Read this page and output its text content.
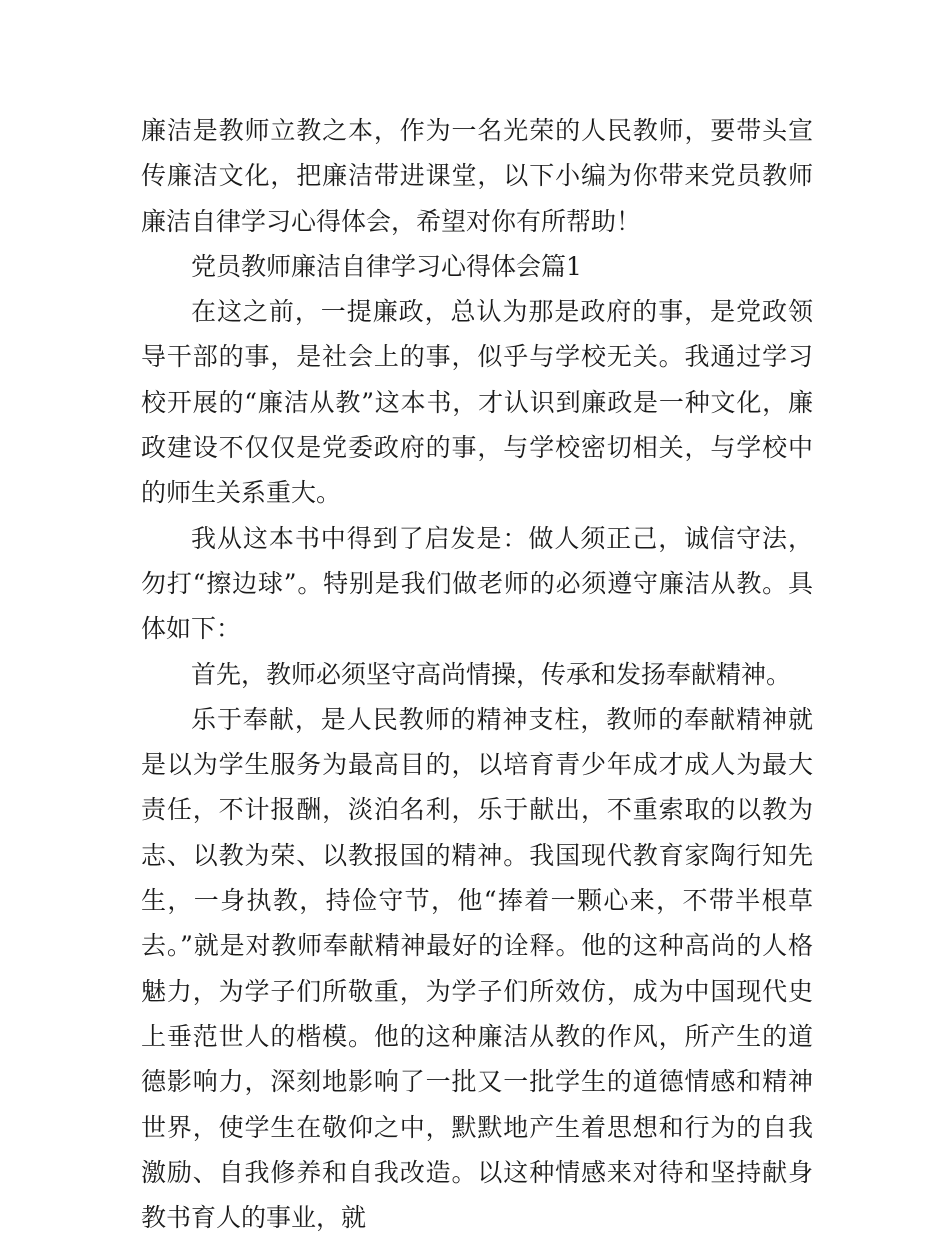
廉洁是教师立教之本，作为一名光荣的人民教师，要带头宣传廉洁文化，把廉洁带进课堂，以下小编为你带来党员教师廉洁自律学习心得体会，希望对你有所帮助！

党员教师廉洁自律学习心得体会篇1

在这之前，一提廉政，总认为那是政府的事，是党政领导干部的事，是社会上的事，似乎与学校无关。我通过学习校开展的“廉洁从教”这本书，才认识到廉政是一种文化，廉政建设不仅仅是党委政府的事，与学校密切相关，与学校中的师生关系重大。

我从这本书中得到了启发是：做人须正己，诚信守法，勿打“擦边球”。特别是我们做老师的必须遵守廉洁从教。具体如下：

首先，教师必须坚守高尚情操，传承和发扬奉献精神。

乐于奉献，是人民教师的精神支柱，教师的奉献精神就是以为学生服务为最高目的，以培育青少年成才成人为最大责任，不计报酬，淡泊名利，乐于献出，不重索取的以教为志、以教为荣、以教报国的精神。我国现代教育家陶行知先生，一身执教，持俭守节，他“捧着一颗心来，不带半根草去。”就是对教师奉献精神最好的诠释。他的这种高尚的人格魅力，为学子们所敬重，为学子们所效仿，成为中国现代史上垂范世人的楷模。他的这种廉洁从教的作风，所产生的道德影响力，深刻地影响了一批又一批学生的道德情感和精神世界，使学生在敬仰之中，默默地产生着思想和行为的自我激励、自我修养和自我改造。以这种情感来对待和坚持献身教书育人的事业，就
